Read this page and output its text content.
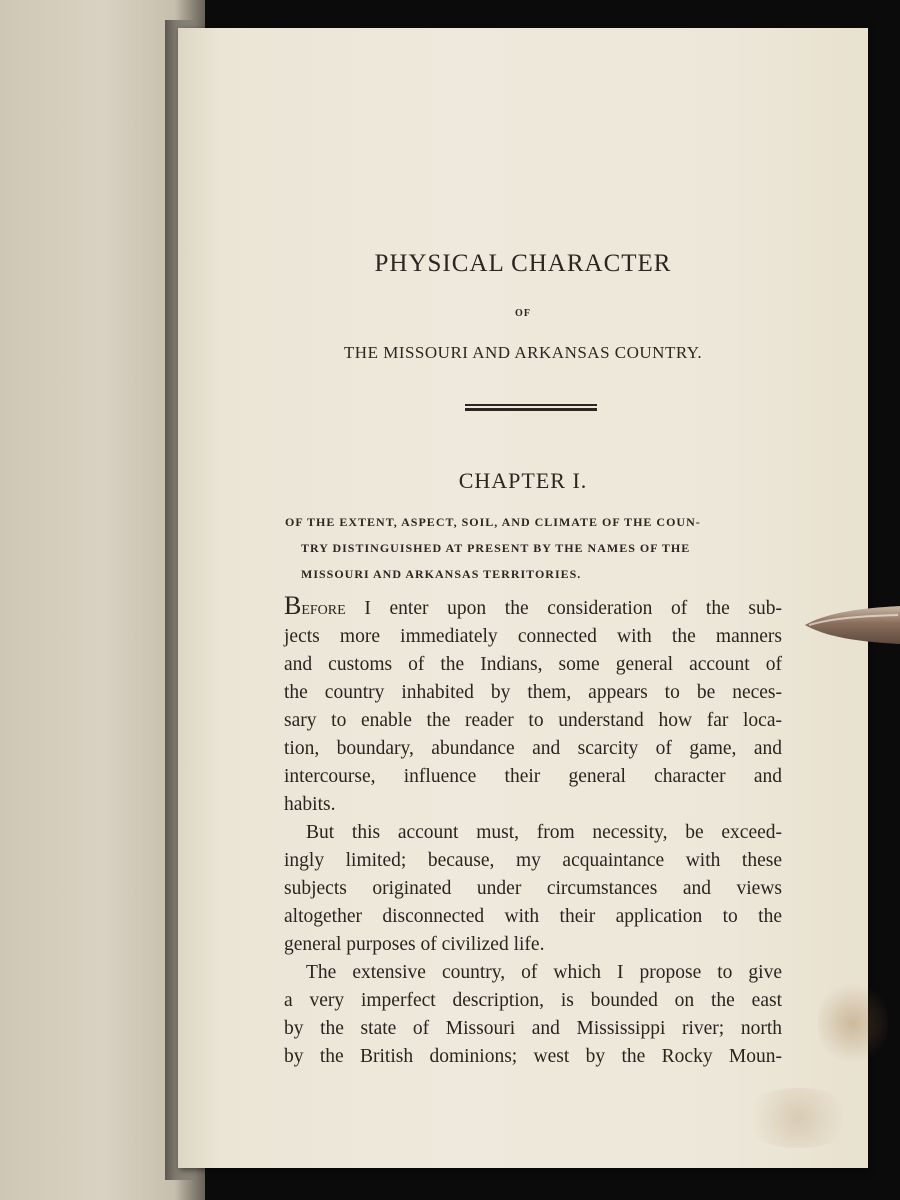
PHYSICAL CHARACTER
OF
THE MISSOURI AND ARKANSAS COUNTRY.
CHAPTER I.
OF THE EXTENT, ASPECT, SOIL, AND CLIMATE OF THE COUN-
TRY DISTINGUISHED AT PRESENT BY THE NAMES OF THE
MISSOURI AND ARKANSAS TERRITORIES.
Before I enter upon the consideration of the sub-
jects more immediately connected with the manners
and customs of the Indians, some general account of
the country inhabited by them, appears to be neces-
sary to enable the reader to understand how far loca-
tion, boundary, abundance and scarcity of game, and
intercourse, influence their general character and
habits.
But this account must, from necessity, be exceed-
ingly limited; because, my acquaintance with these
subjects originated under circumstances and views
altogether disconnected with their application to the
general purposes of civilized life.
The extensive country, of which I propose to give
a very imperfect description, is bounded on the east
by the state of Missouri and Mississippi river; north
by the British dominions; west by the Rocky Moun-
